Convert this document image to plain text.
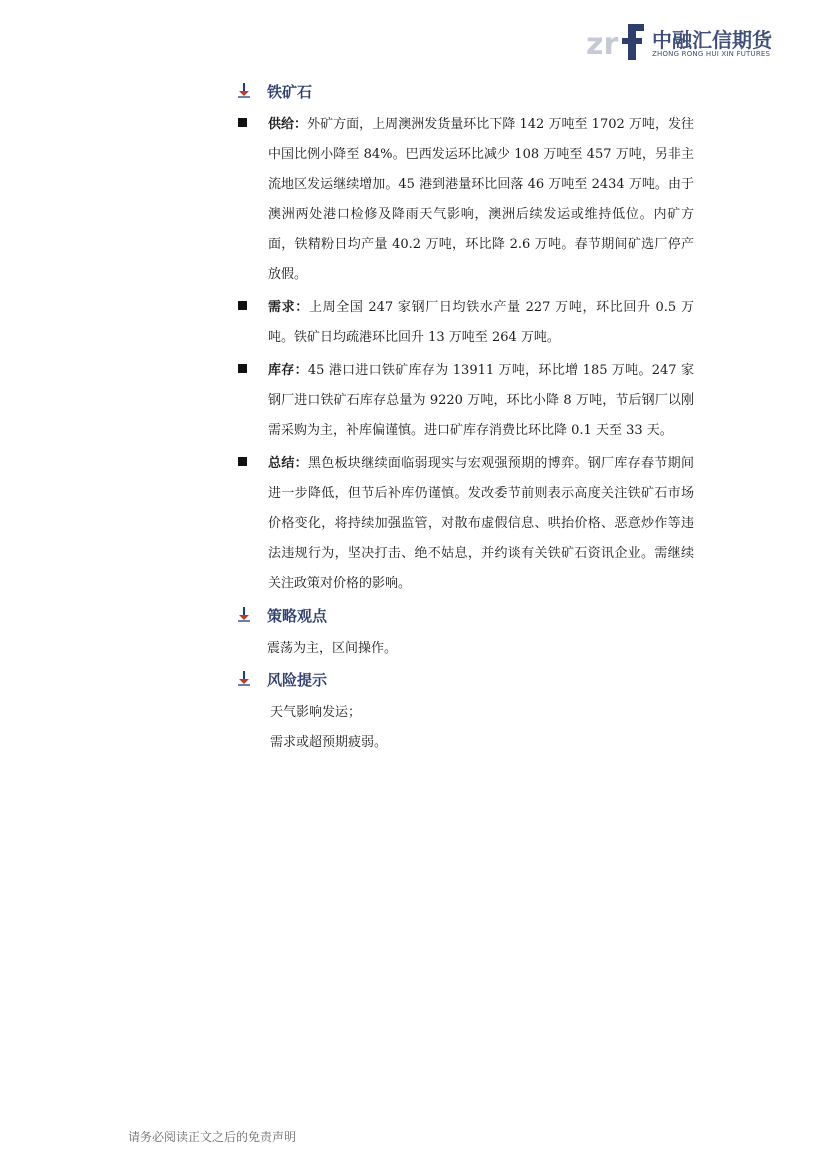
zr 中融汇信期货
ZHONG RONG HUI XIN FUTURES
铁矿石
供给：外矿方面，上周澳洲发货量环比下降 142 万吨至 1702 万吨，发往中国比例小降至 84%。巴西发运环比减少 108 万吨至 457 万吨，另非主流地区发运继续增加。45 港到港量环比回落 46 万吨至 2434 万吨。由于澳洲两处港口检修及降雨天气影响，澳洲后续发运或维持低位。内矿方面，铁精粉日均产量 40.2 万吨，环比降 2.6 万吨。春节期间矿选厂停产放假。
需求：上周全国 247 家钢厂日均铁水产量 227 万吨，环比回升 0.5 万吨。铁矿日均疏港环比回升 13 万吨至 264 万吨。
库存：45 港口进口铁矿库存为 13911 万吨，环比增 185 万吨。247 家钢厂进口铁矿石库存总量为 9220 万吨，环比小降 8 万吨，节后钢厂以刚需采购为主，补库偏谨慎。进口矿库存消费比环比降 0.1 天至 33 天。
总结：黑色板块继续面临弱现实与宏观强预期的博弈。钢厂库存春节期间进一步降低，但节后补库仍谨慎。发改委节前则表示高度关注铁矿石市场价格变化，将持续加强监管，对散布虚假信息、哄抬价格、恶意炒作等违法违规行为，坚决打击、绝不姑息，并约谈有关铁矿石资讯企业。需继续关注政策对价格的影响。
策略观点
震荡为主，区间操作。
风险提示
天气影响发运；
需求或超预期疲弱。
请务必阅读正文之后的免责声明
